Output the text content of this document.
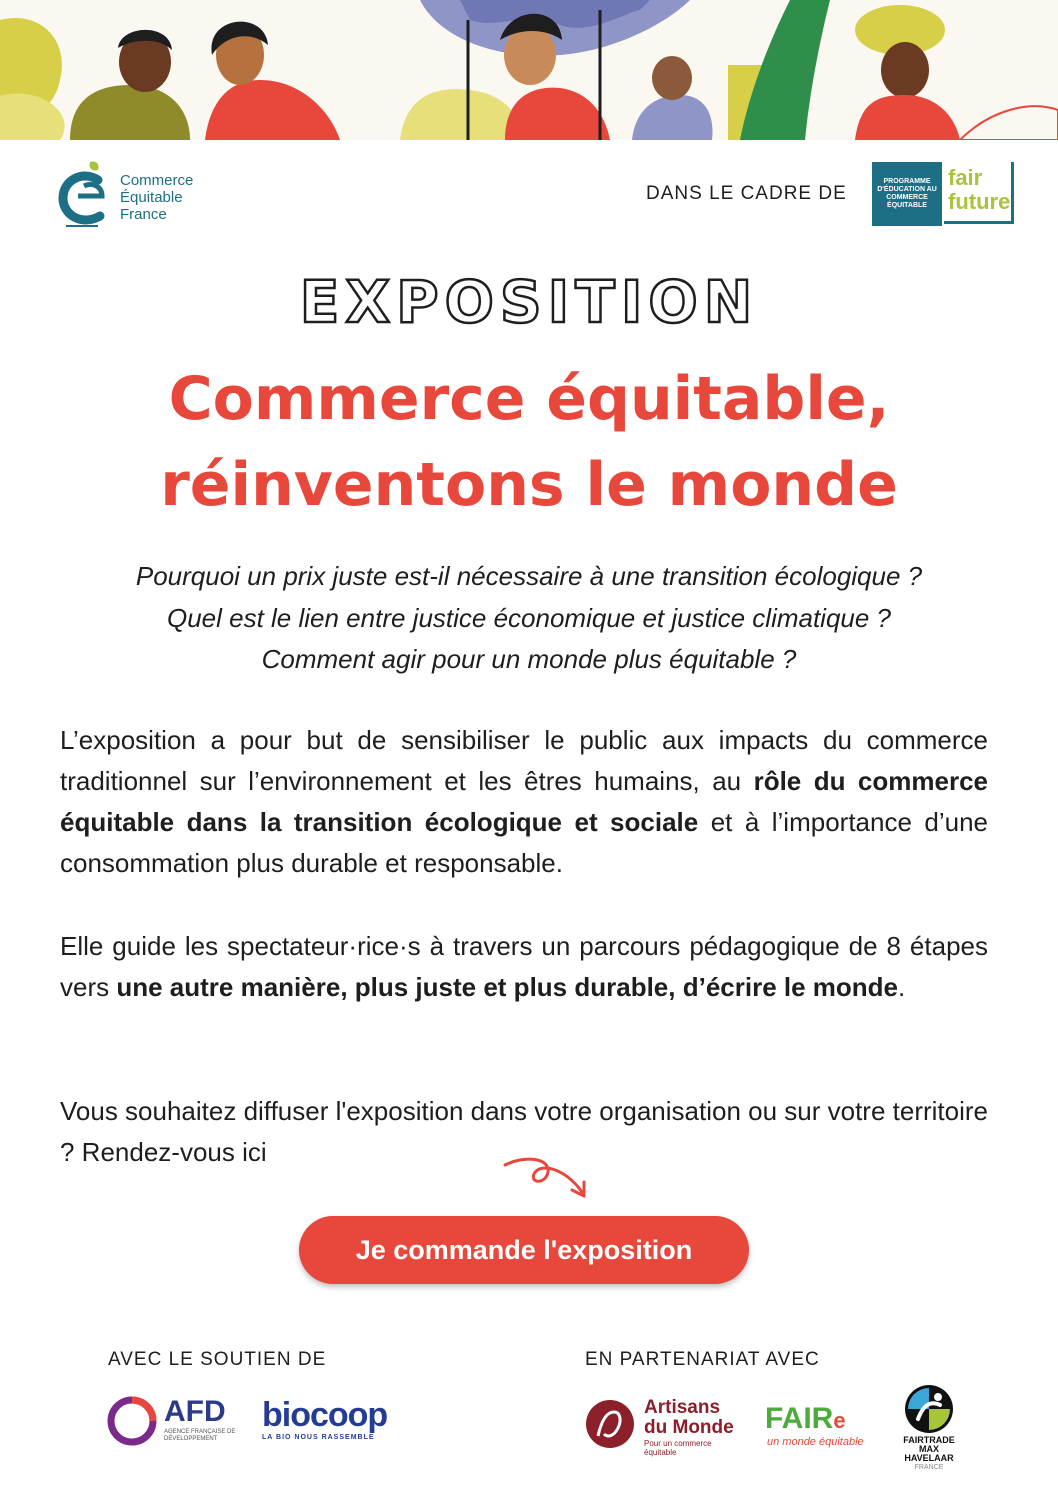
Commerce
Équitable
France
DANS LE CADRE DE
PROGRAMME D'ÉDUCATION AU COMMERCE ÉQUITABLE
fair
future
EXPOSITION
Commerce équitable,
réinventons le monde
Pourquoi un prix juste est-il nécessaire à une transition écologique ?
Quel est le lien entre justice économique et justice climatique ?
Comment agir pour un monde plus équitable ?
L’exposition a pour but de sensibiliser le public aux impacts du commerce traditionnel sur l’environnement et les êtres humains, au rôle du commerce équitable dans la transition écologique et sociale et à l’importance d’une consommation plus durable et responsable.
Elle guide les spectateur·rice·s à travers un parcours pédagogique de 8 étapes vers une autre manière, plus juste et plus durable, d’écrire le monde.
Vous souhaitez diffuser l'exposition dans votre organisation ou sur votre territoire ? Rendez-vous ici
Je commande l'exposition
AVEC LE SOUTIEN DE	EN PARTENARIAT AVEC
AFD
AGENCE FRANÇAISE DE DÉVELOPPEMENT
biocoop
LA BIO NOUS RASSEMBLE
Artisans
du Monde
Pour un commerce équitable
FAIRe
un monde équitable	FAIRTRADE
MAX HAVELAAR
FRANCE
